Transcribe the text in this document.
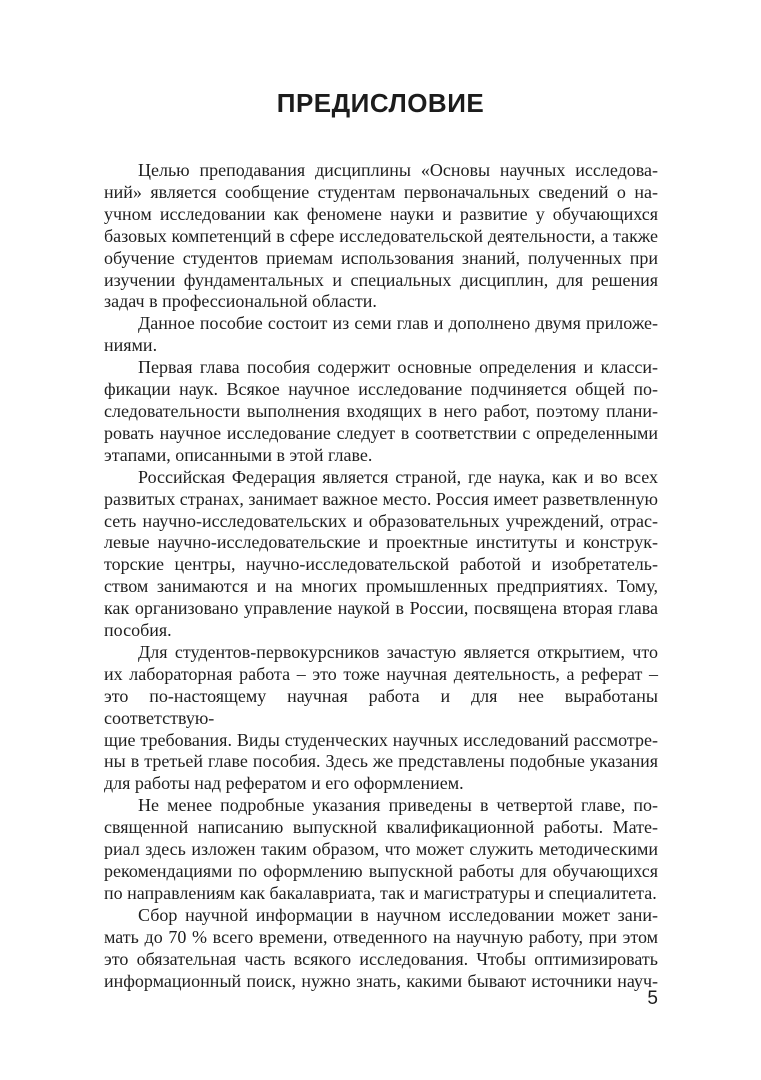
ПРЕДИСЛОВИЕ
Целью преподавания дисциплины «Основы научных исследова-
ний» является сообщение студентам первоначальных сведений о на-
учном исследовании как феномене науки и развитие у обучающихся
базовых компетенций в сфере исследовательской деятельности, а также
обучение студентов приемам использования знаний, полученных при
изучении фундаментальных и специальных дисциплин, для решения
задач в профессиональной области.
Данное пособие состоит из семи глав и дополнено двумя приложе-
ниями.
Первая глава пособия содержит основные определения и класси-
фикации наук. Всякое научное исследование подчиняется общей по-
следовательности выполнения входящих в него работ, поэтому плани-
ровать научное исследование следует в соответствии с определенными
этапами, описанными в этой главе.
Российская Федерация является страной, где наука, как и во всех
развитых странах, занимает важное место. Россия имеет разветвленную
сеть научно-исследовательских и образовательных учреждений, отрас-
левые научно-исследовательские и проектные институты и конструк-
торские центры, научно-исследовательской работой и изобретатель-
ством занимаются и на многих промышленных предприятиях. Тому,
как организовано управление наукой в России, посвящена вторая глава
пособия.
Для студентов-первокурсников зачастую является открытием, что
их лабораторная работа – это тоже научная деятельность, а реферат –
это по-настоящему научная работа и для нее выработаны соответствую-
щие требования. Виды студенческих научных исследований рассмотре-
ны в третьей главе пособия. Здесь же представлены подобные указания
для работы над рефератом и его оформлением.
Не менее подробные указания приведены в четвертой главе, по-
священной написанию выпускной квалификационной работы. Мате-
риал здесь изложен таким образом, что может служить методическими
рекомендациями по оформлению выпускной работы для обучающихся
по направлениям как бакалавриата, так и магистратуры и специалитета.
Сбор научной информации в научном исследовании может зани-
мать до 70 % всего времени, отведенного на научную работу, при этом
это обязательная часть всякого исследования. Чтобы оптимизировать
информационный поиск, нужно знать, какими бывают источники науч-
5
